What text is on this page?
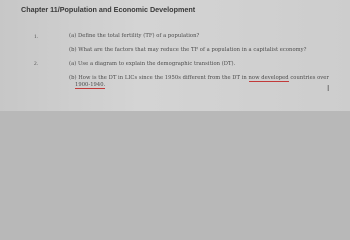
Chapter 11/Population and Economic Development
1.	(a) Define the total fertility (TF) of a population?
(b) What are the factors that may reduce the TF of a population in a capitalist economy?
2.	(a) Use a diagram to explain the demographic transition (DT).
(b) How is the DT in LICs since the 1950s different from the DT in now developed countries over
1900-1940.	I
